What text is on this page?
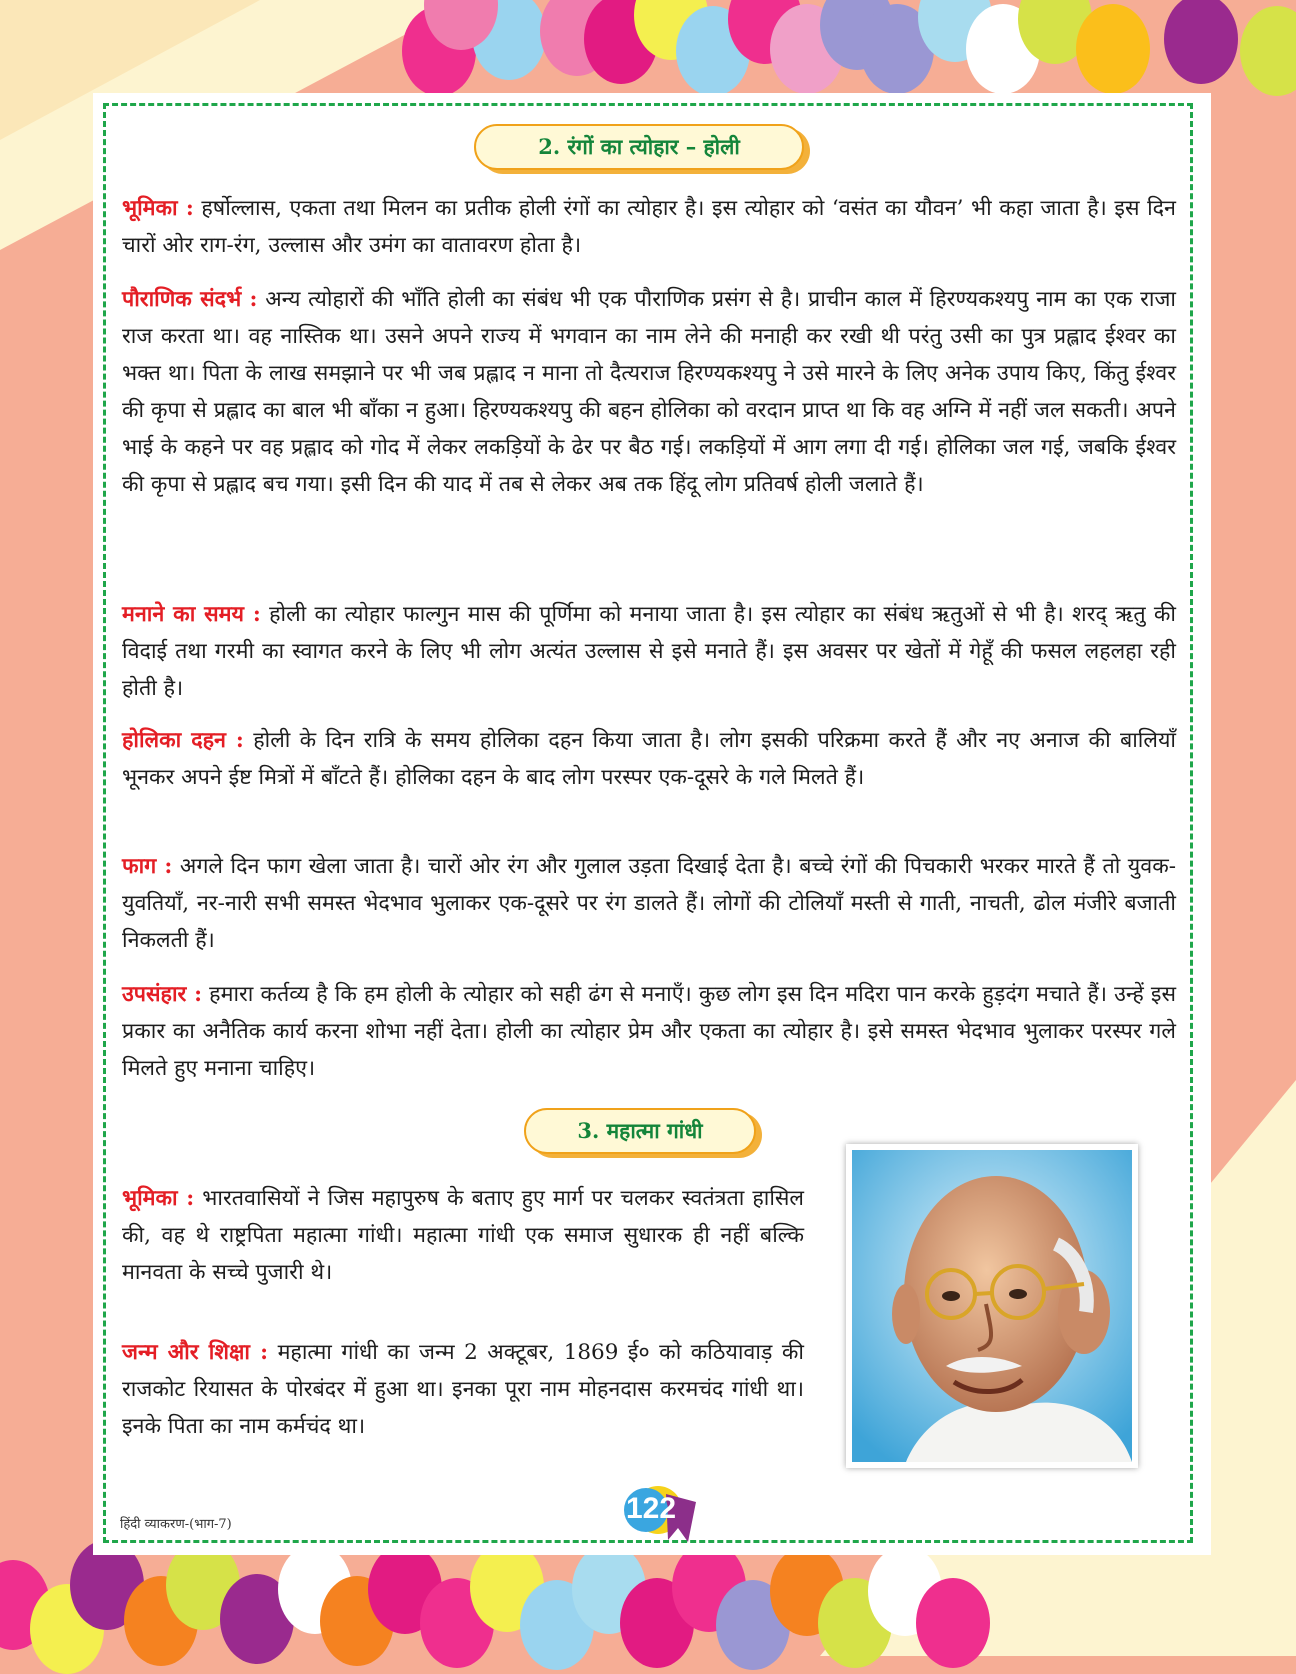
2. रंगों का त्योहार – होली

भूमिका : हर्षोल्लास, एकता तथा मिलन का प्रतीक होली रंगों का त्योहार है। इस त्योहार को ‘वसंत का यौवन’ भी कहा जाता है। इस दिन चारों ओर राग-रंग, उल्लास और उमंग का वातावरण होता है।

पौराणिक संदर्भ : अन्य त्योहारों की भाँति होली का संबंध भी एक पौराणिक प्रसंग से है। प्राचीन काल में हिरण्यकश्यपु नाम का एक राजा राज करता था। वह नास्तिक था। उसने अपने राज्य में भगवान का नाम लेने की मनाही कर रखी थी परंतु उसी का पुत्र प्रह्लाद ईश्वर का भक्त था। पिता के लाख समझाने पर भी जब प्रह्लाद न माना तो दैत्यराज हिरण्यकश्यपु ने उसे मारने के लिए अनेक उपाय किए, किंतु ईश्वर की कृपा से प्रह्लाद का बाल भी बाँका न हुआ। हिरण्यकश्यपु की बहन होलिका को वरदान प्राप्त था कि वह अग्नि में नहीं जल सकती। अपने भाई के कहने पर वह प्रह्लाद को गोद में लेकर लकड़ियों के ढेर पर बैठ गई। लकड़ियों में आग लगा दी गई। होलिका जल गई, जबकि ईश्वर की कृपा से प्रह्लाद बच गया। इसी दिन की याद में तब से लेकर अब तक हिंदू लोग प्रतिवर्ष होली जलाते हैं।

मनाने का समय : होली का त्योहार फाल्गुन मास की पूर्णिमा को मनाया जाता है। इस त्योहार का संबंध ऋतुओं से भी है। शरद् ऋतु की विदाई तथा गरमी का स्वागत करने के लिए भी लोग अत्यंत उल्लास से इसे मनाते हैं। इस अवसर पर खेतों में गेहूँ की फसल लहलहा रही होती है।

होलिका दहन : होली के दिन रात्रि के समय होलिका दहन किया जाता है। लोग इसकी परिक्रमा करते हैं और नए अनाज की बालियाँ भूनकर अपने ईष्ट मित्रों में बाँटते हैं। होलिका दहन के बाद लोग परस्पर एक-दूसरे के गले मिलते हैं।

फाग : अगले दिन फाग खेला जाता है। चारों ओर रंग और गुलाल उड़ता दिखाई देता है। बच्चे रंगों की पिचकारी भरकर मारते हैं तो युवक-युवतियाँ, नर-नारी सभी समस्त भेदभाव भुलाकर एक-दूसरे पर रंग डालते हैं। लोगों की टोलियाँ मस्ती से गाती, नाचती, ढोल मंजीरे बजाती निकलती हैं।

उपसंहार : हमारा कर्तव्य है कि हम होली के त्योहार को सही ढंग से मनाएँ। कुछ लोग इस दिन मदिरा पान करके हुड़दंग मचाते हैं। उन्हें इस प्रकार का अनैतिक कार्य करना शोभा नहीं देता। होली का त्योहार प्रेम और एकता का त्योहार है। इसे समस्त भेदभाव भुलाकर परस्पर गले मिलते हुए मनाना चाहिए।

3. महात्मा गांधी

भूमिका : भारतवासियों ने जिस महापुरुष के बताए हुए मार्ग पर चलकर स्वतंत्रता हासिल की, वह थे राष्ट्रपिता महात्मा गांधी। महात्मा गांधी एक समाज सुधारक ही नहीं बल्कि मानवता के सच्चे पुजारी थे।

जन्म और शिक्षा : महात्मा गांधी का जन्म 2 अक्टूबर, 1869 ई० को कठियावाड़ की राजकोट रियासत के पोरबंदर में हुआ था। इनका पूरा नाम मोहनदास करमचंद गांधी था। इनके पिता का नाम कर्मचंद था।

हिंदी व्याकरण-(भाग-7)	122
